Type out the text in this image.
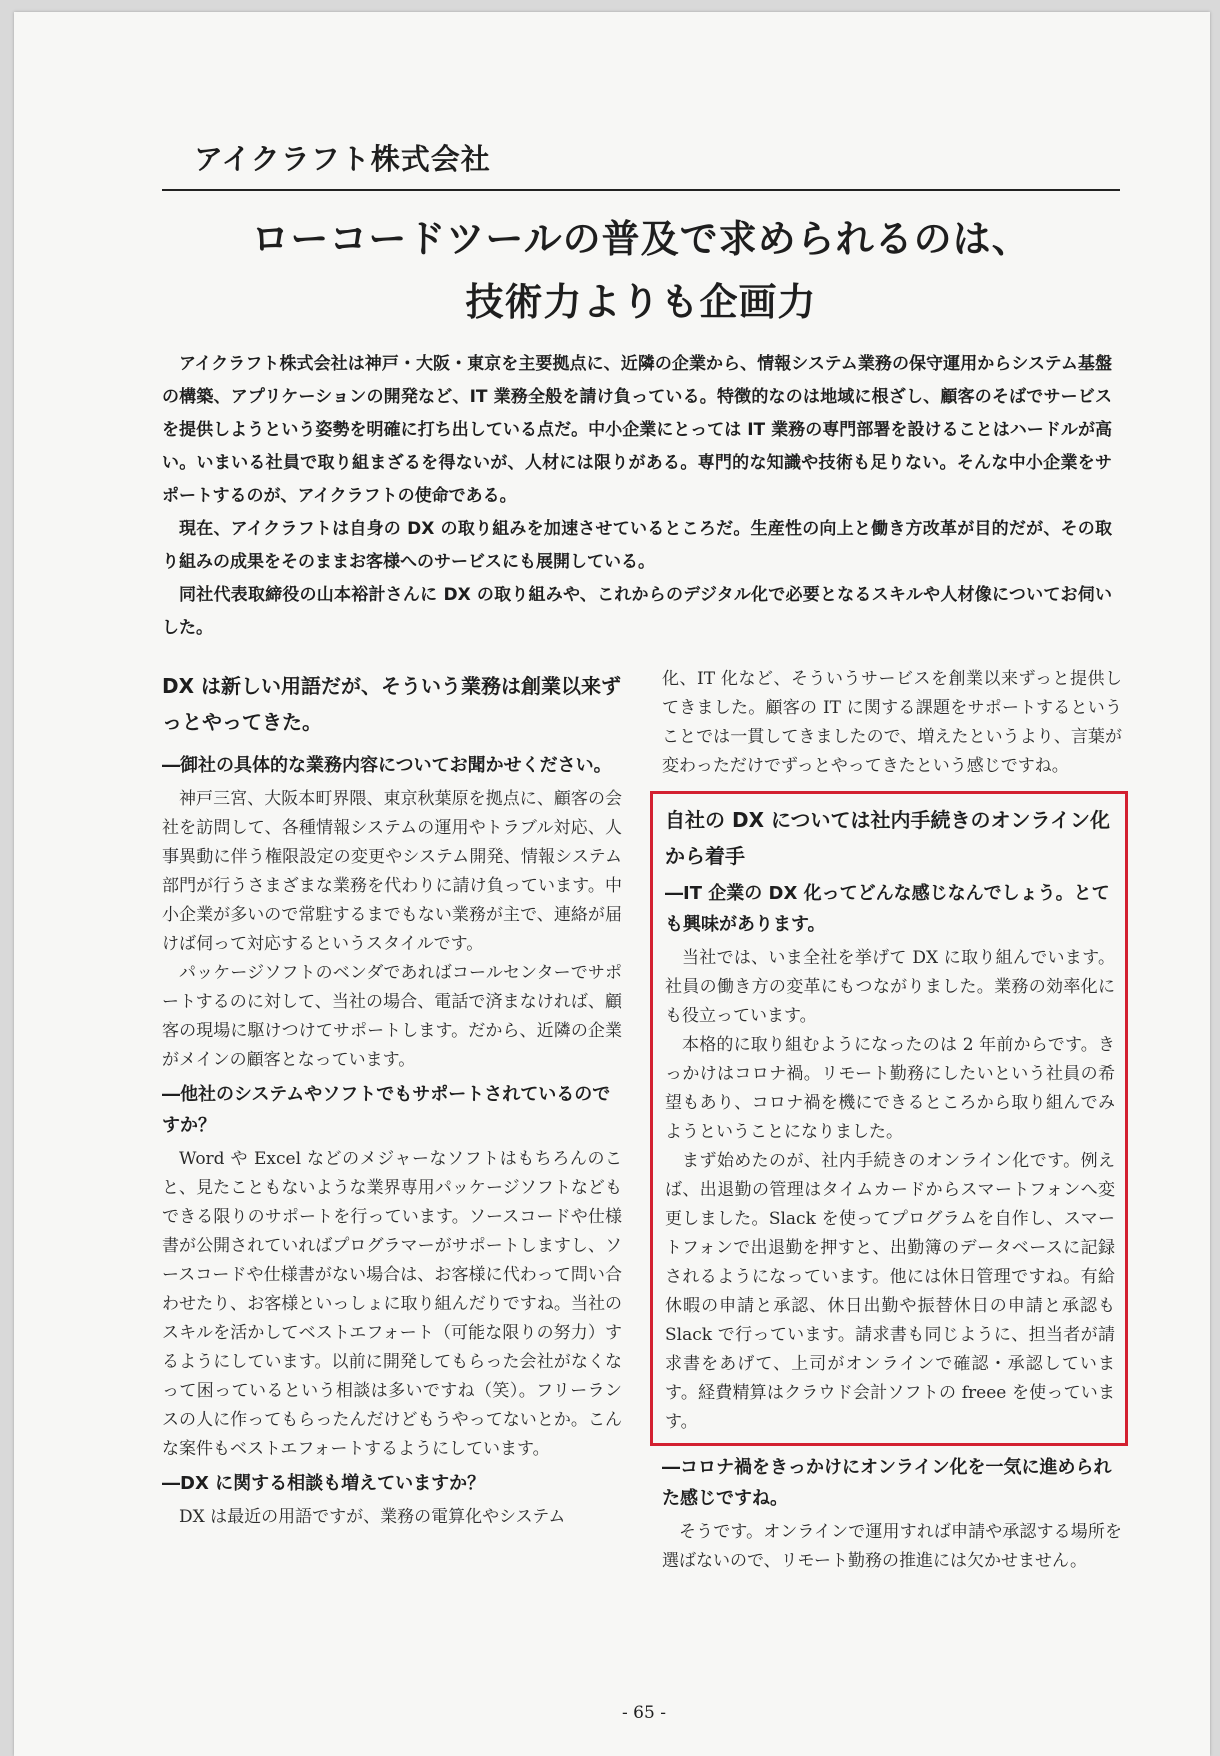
アイクラフト株式会社
ローコードツールの普及で求められるのは、
技術力よりも企画力

アイクラフト株式会社は神戸・大阪・東京を主要拠点に、近隣の企業から、情報システム業務の保守運用からシステム基盤の構築、アプリケーションの開発など、IT 業務全般を請け負っている。特徴的なのは地域に根ざし、顧客のそばでサービスを提供しようという姿勢を明確に打ち出している点だ。中小企業にとっては IT 業務の専門部署を設けることはハードルが高い。いまいる社員で取り組まざるを得ないが、人材には限りがある。専門的な知識や技術も足りない。そんな中小企業をサポートするのが、アイクラフトの使命である。

現在、アイクラフトは自身の DX の取り組みを加速させているところだ。生産性の向上と働き方改革が目的だが、その取り組みの成果をそのままお客様へのサービスにも展開している。

同社代表取締役の山本裕計さんに DX の取り組みや、これからのデジタル化で必要となるスキルや人材像についてお伺いした。

DX は新しい用語だが、そういう業務は創業以来ずっとやってきた。

―御社の具体的な業務内容についてお聞かせください。

神戸三宮、大阪本町界隈、東京秋葉原を拠点に、顧客の会社を訪問して、各種情報システムの運用やトラブル対応、人事異動に伴う権限設定の変更やシステム開発、情報システム部門が行うさまざまな業務を代わりに請け負っています。中小企業が多いので常駐するまでもない業務が主で、連絡が届けば伺って対応するというスタイルです。

パッケージソフトのベンダであればコールセンターでサポートするのに対して、当社の場合、電話で済まなければ、顧客の現場に駆けつけてサポートします。だから、近隣の企業がメインの顧客となっています。

―他社のシステムやソフトでもサポートされているのですか？

Word や Excel などのメジャーなソフトはもちろんのこと、見たこともないような業界専用パッケージソフトなどもできる限りのサポートを行っています。ソースコードや仕様書が公開されていればプログラマーがサポートしますし、ソースコードや仕様書がない場合は、お客様に代わって問い合わせたり、お客様といっしょに取り組んだりですね。当社のスキルを活かしてベストエフォート（可能な限りの努力）するようにしています。以前に開発してもらった会社がなくなって困っているという相談は多いですね（笑）。フリーランスの人に作ってもらったんだけどもうやってないとか。こんな案件もベストエフォートするようにしています。

―DX に関する相談も増えていますか？

DX は最近の用語ですが、業務の電算化やシステム

化、IT 化など、そういうサービスを創業以来ずっと提供してきました。顧客の IT に関する課題をサポートするということでは一貫してきましたので、増えたというより、言葉が変わっただけでずっとやってきたという感じですね。

自社の DX については社内手続きのオンライン化から着手

―IT 企業の DX 化ってどんな感じなんでしょう。とても興味があります。

当社では、いま全社を挙げて DX に取り組んでいます。社員の働き方の変革にもつながりました。業務の効率化にも役立っています。

本格的に取り組むようになったのは 2 年前からです。きっかけはコロナ禍。リモート勤務にしたいという社員の希望もあり、コロナ禍を機にできるところから取り組んでみようということになりました。

まず始めたのが、社内手続きのオンライン化です。例えば、出退勤の管理はタイムカードからスマートフォンへ変更しました。Slack を使ってプログラムを自作し、スマートフォンで出退勤を押すと、出勤簿のデータベースに記録されるようになっています。他には休日管理ですね。有給休暇の申請と承認、休日出勤や振替休日の申請と承認も Slack で行っています。請求書も同じように、担当者が請求書をあげて、上司がオンラインで確認・承認しています。経費精算はクラウド会計ソフトの freee を使っています。

―コロナ禍をきっかけにオンライン化を一気に進められた感じですね。

そうです。オンラインで運用すれば申請や承認する場所を選ばないので、リモート勤務の推進には欠かせません。

- 65 -
